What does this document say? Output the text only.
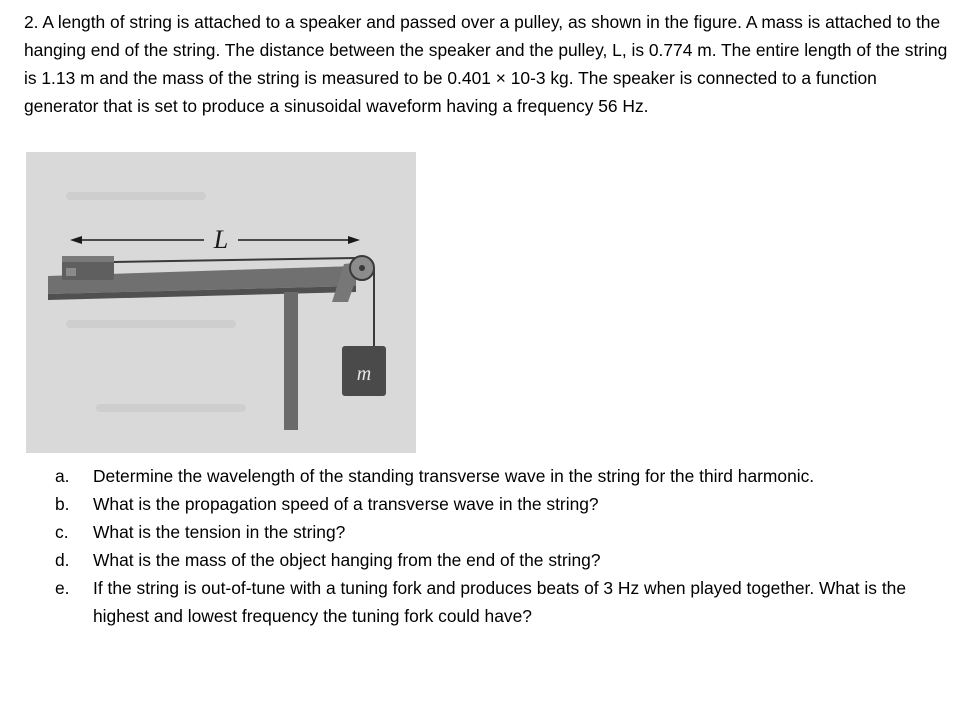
2. A length of string is attached to a speaker and passed over a pulley, as shown in the figure. A mass is attached to the hanging end of the string. The distance between the speaker and the pulley, L, is 0.774 m. The entire length of the string is 1.13 m and the mass of the string is measured to be 0.401 × 10-3 kg. The speaker is connected to a function generator that is set to produce a sinusoidal waveform having a frequency 56 Hz.

L
m
a. Determine the wavelength of the standing transverse wave in the string for the third harmonic.
b. What is the propagation speed of a transverse wave in the string?
c. What is the tension in the string?
d. What is the mass of the object hanging from the end of the string?
e. If the string is out-of-tune with a tuning fork and produces beats of 3 Hz when played together. What is the highest and lowest frequency the tuning fork could have?
